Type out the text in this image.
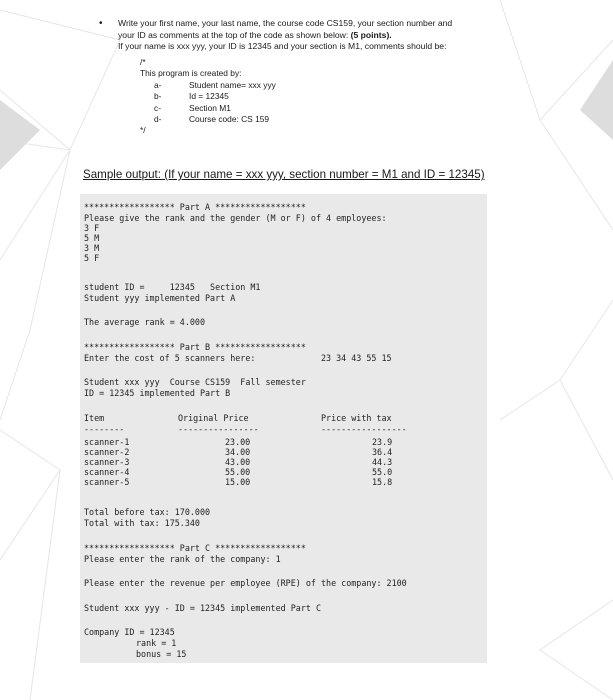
• Write your first name, your last name, the course code CS159, your section number and
your ID as comments at the top of the code as shown below: (5 points).
If your name is xxx yyy, your ID is 12345 and your section is M1, comments should be:
/*
This program is created by:
a-	Student name= xxx yyy
b-	Id = 12345
c-	Section M1
d-	Course code: CS 159
*/
Sample output: (If your name = xxx yyy, section number = M1 and ID = 12345)
****************** Part A ******************
Please give the rank and the gender (M or F) of 4 employees:
3 F
5 M
3 M
5 F
student ID =     12345   Section M1
Student yyy implemented Part A
The average rank = 4.000
****************** Part B ******************
Enter the cost of 5 scanners here:	23 34 43 55 15
Student xxx yyy  Course CS159  Fall semester
ID = 12345 implemented Part B
Item	Original Price	Price with tax
--------	----------------	-----------------
scanner-1	23.00	23.9
scanner-2	34.00	36.4
scanner-3	43.00	44.3
scanner-4	55.00	55.0
scanner-5	15.00	15.8
Total before tax: 170.000
Total with tax: 175.340
****************** Part C ******************
Please enter the rank of the company: 1
Please enter the revenue per employee (RPE) of the company: 2100
Student xxx yyy - ID = 12345 implemented Part C
Company ID = 12345
rank = 1
bonus = 15
